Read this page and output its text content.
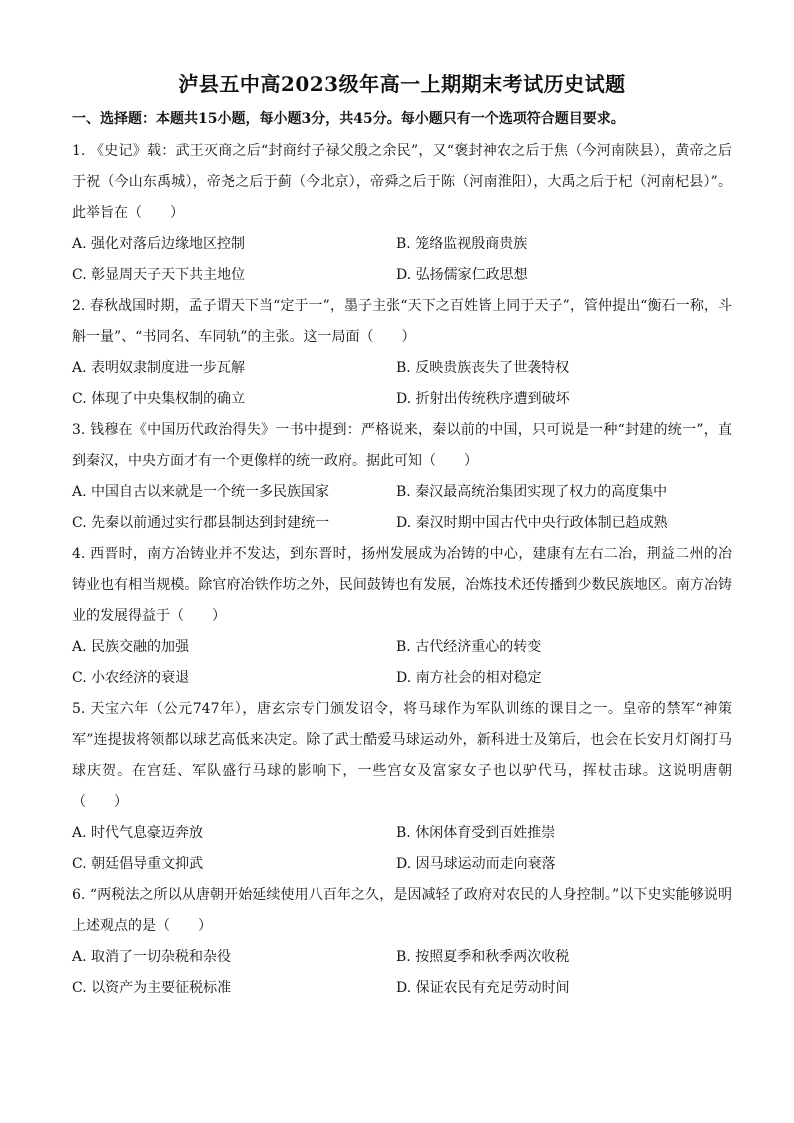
泸县五中高2023级年高一上期期末考试历史试题
一、选择题：本题共15小题，每小题3分，共45分。每小题只有一个选项符合题目要求。

1. 《史记》载：武王灭商之后“封商纣子禄父殷之余民”，又“褒封神农之后于焦（今河南陕县），黄帝之后于祝（今山东禹城），帝尧之后于蓟（今北京），帝舜之后于陈（河南淮阳），大禹之后于杞（河南杞县）”。此举旨在（　　）

A. 强化对落后边缘地区控制	B. 笼络监视殷商贵族
C. 彰显周天子天下共主地位	D. 弘扬儒家仁政思想

2. 春秋战国时期，孟子谓天下当“定于一”，墨子主张“天下之百姓皆上同于天子”，管仲提出“衡石一称，斗斛一量”、“书同名、车同轨”的主张。这一局面（　　）

A. 表明奴隶制度进一步瓦解	B. 反映贵族丧失了世袭特权
C. 体现了中央集权制的确立	D. 折射出传统秩序遭到破坏

3. 钱穆在《中国历代政治得失》一书中提到：严格说来，秦以前的中国，只可说是一种“封建的统一”，直到秦汉，中央方面才有一个更像样的统一政府。据此可知（　　）

A. 中国自古以来就是一个统一多民族国家	B. 秦汉最高统治集团实现了权力的高度集中
C. 先秦以前通过实行郡县制达到封建统一	D. 秦汉时期中国古代中央行政体制已趋成熟

4. 西晋时，南方冶铸业并不发达，到东晋时，扬州发展成为冶铸的中心，建康有左右二冶，荆益二州的冶铸业也有相当规模。除官府冶铁作坊之外，民间鼓铸也有发展，冶炼技术还传播到少数民族地区。南方冶铸业的发展得益于（　　）

A. 民族交融的加强	B. 古代经济重心的转变
C. 小农经济的衰退	D. 南方社会的相对稳定

5. 天宝六年（公元747年），唐玄宗专门颁发诏令，将马球作为军队训练的课目之一。皇帝的禁军“神策军”连提拔将领都以球艺高低来决定。除了武士酷爱马球运动外，新科进士及第后，也会在长安月灯阁打马球庆贺。在宫廷、军队盛行马球的影响下，一些宫女及富家女子也以驴代马，挥杖击球。这说明唐朝（　　）

A. 时代气息豪迈奔放	B. 休闲体育受到百姓推崇
C. 朝廷倡导重文抑武	D. 因马球运动而走向衰落

6. “两税法之所以从唐朝开始延续使用八百年之久，是因减轻了政府对农民的人身控制。”以下史实能够说明上述观点的是（　　）

A. 取消了一切杂税和杂役	B. 按照夏季和秋季两次收税
C. 以资产为主要征税标准	D. 保证农民有充足劳动时间
